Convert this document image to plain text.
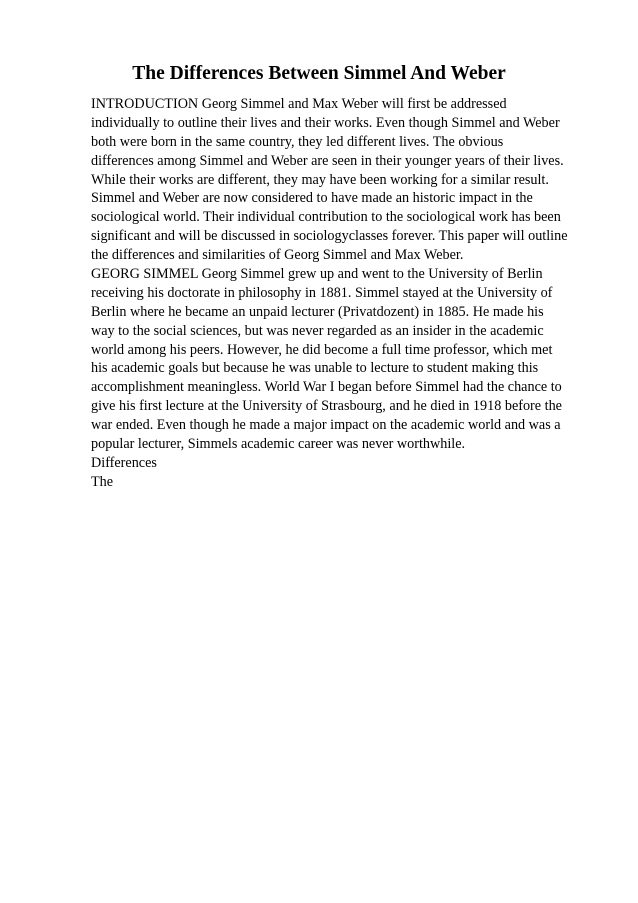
The Differences Between Simmel And Weber

INTRODUCTION Georg Simmel and Max Weber will first be addressed

individually to outline their lives and their works. Even though Simmel and Weber

both were born in the same country, they led different lives. The obvious

differences among Simmel and Weber are seen in their younger years of their lives.

While their works are different, they may have been working for a similar result.

Simmel and Weber are now considered to have made an historic impact in the

sociological world. Their individual contribution to the sociological work has been

significant and will be discussed in sociologyclasses forever. This paper will outline

the differences and similarities of Georg Simmel and Max Weber.

GEORG SIMMEL Georg Simmel grew up and went to the University of Berlin

receiving his doctorate in philosophy in 1881. Simmel stayed at the University of

Berlin where he became an unpaid lecturer (Privatdozent) in 1885. He made his

way to the social sciences, but was never regarded as an insider in the academic

world among his peers. However, he did become a full time professor, which met

his academic goals but because he was unable to lecture to student making this

accomplishment meaningless. World War I began before Simmel had the chance to

give his first lecture at the University of Strasbourg, and he died in 1918 before the

war ended. Even though he made a major impact on the academic world and was a

popular lecturer, Simmels academic career was never worthwhile.

Differences

The
